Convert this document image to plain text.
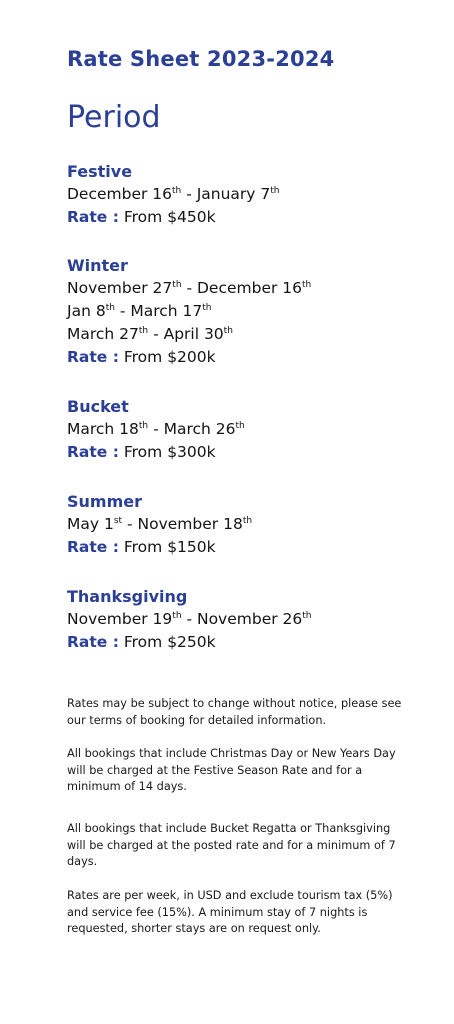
Rate Sheet 2023-2024
Period
Festive
December 16th - January 7th
Rate : From $450k
Winter
November 27th - December 16th
Jan 8th - March 17th
March 27th - April 30th
Rate : From $200k
Bucket
March 18th - March 26th
Rate : From $300k
Summer
May 1st - November 18th
Rate : From $150k
Thanksgiving
November 19th - November 26th
Rate : From $250k
Rates may be subject to change without notice, please see our terms of booking for detailed information.
All bookings that include Christmas Day or New Years Day will be charged at the Festive Season Rate and for a minimum of 14 days.
All bookings that include Bucket Regatta or Thanksgiving will be charged at the posted rate and for a minimum of 7 days.
Rates are per week, in USD and exclude tourism tax (5%) and service fee (15%). A minimum stay of 7 nights is requested, shorter stays are on request only.
